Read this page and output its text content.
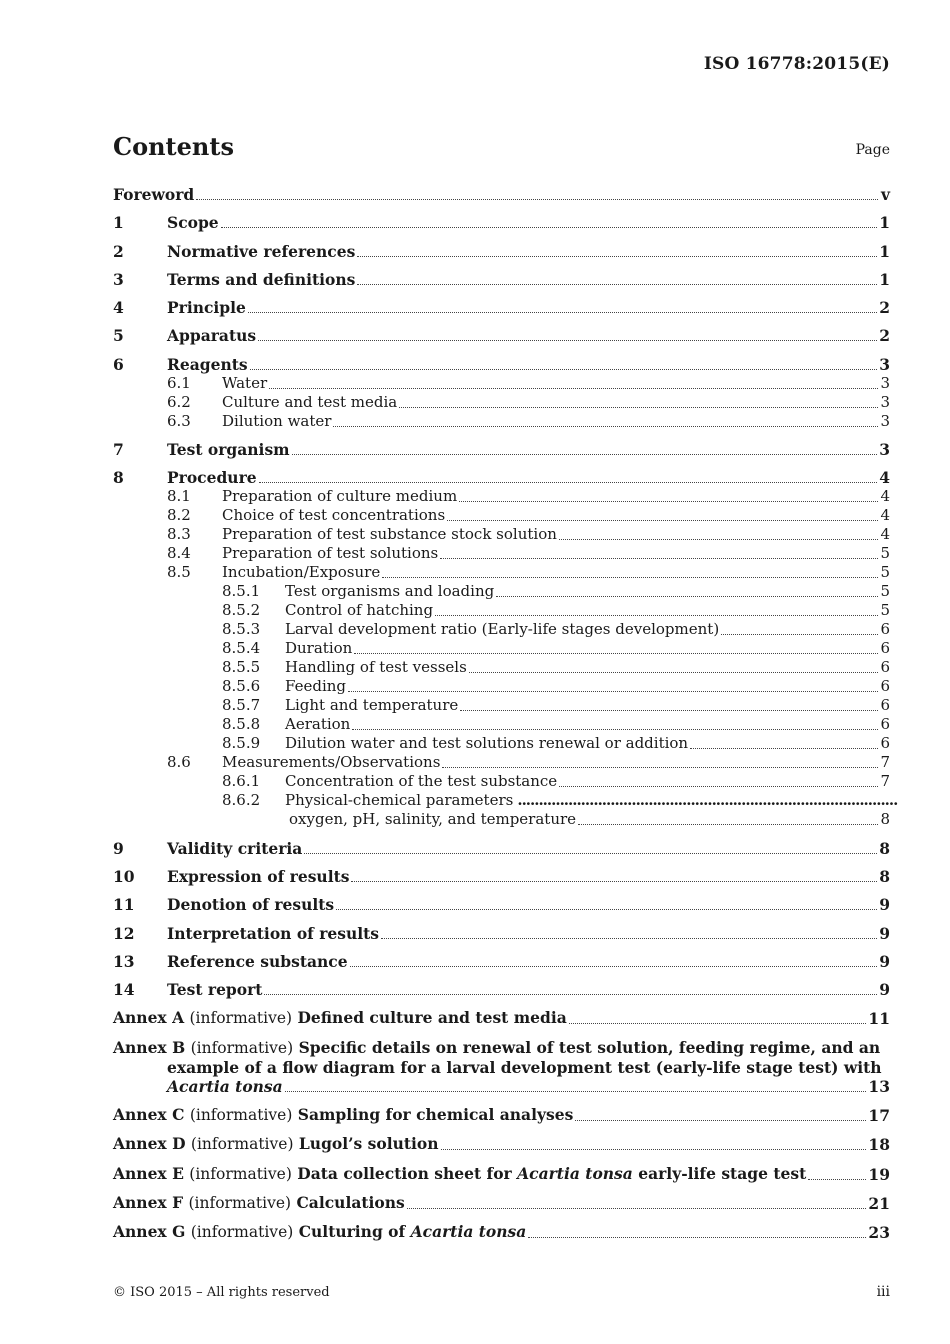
ISO 16778:2015(E)
Contents	Page
Foreword	v
1	Scope	1
2	Normative references	1
3	Terms and definitions	1
4	Principle	2
5	Apparatus	2
6	Reagents	3
6.1	Water	3
6.2	Culture and test media	3
6.3	Dilution water	3
7	Test organism	3
8	Procedure	4
8.1	Preparation of culture medium	4
8.2	Choice of test concentrations	4
8.3	Preparation of test substance stock solution	4
8.4	Preparation of test solutions	5
8.5	Incubation/Exposure	5
8.5.1	Test organisms and loading	5
8.5.2	Control of hatching	5
8.5.3	Larval development ratio (Early-life stages development)	6
8.5.4	Duration	6
8.5.5	Handling of test vessels	6
8.5.6	Feeding	6
8.5.7	Light and temperature	6
8.5.8	Aeration	6
8.5.9	Dilution water and test solutions renewal or addition	6
8.6	Measurements/Observations	7
8.6.1	Concentration of the test substance	7
8.6.2	Physical-chemical parameters ..........................................................................................
oxygen, pH, salinity, and temperature	8
9	Validity criteria	8
10	Expression of results	8
11	Denotion of results	9
12	Interpretation of results	9
13	Reference substance	9
14	Test report	9
Annex A (informative) Defined culture and test media	11
Annex B (informative) Specific details on renewal of test solution, feeding regime, and an
example of a flow diagram for a larval development test (early-life stage test) with
Acartia tonsa	13
Annex C (informative) Sampling for chemical analyses	17
Annex D (informative) Lugol’s solution	18
Annex E (informative) Data collection sheet for Acartia tonsa early-life stage test	19
Annex F (informative) Calculations	21
Annex G (informative) Culturing of Acartia tonsa	23
© ISO 2015 – All rights reserved	iii
